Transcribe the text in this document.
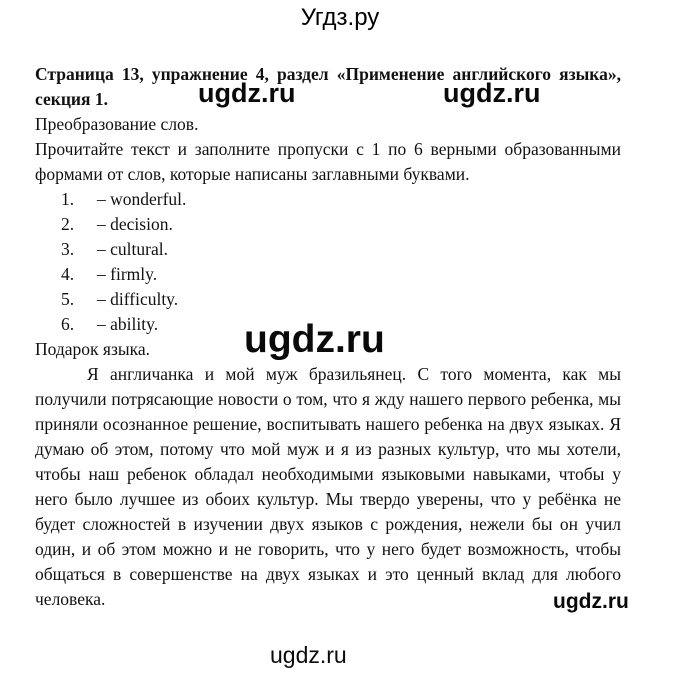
Угдз.ру

Страница 13, упражнение 4, раздел «Применение английского языка», секция 1.

Преобразование слов.

Прочитайте текст и заполните пропуски с 1 по 6 верными образованными формами от слов, которые написаны заглавными буквами.

1. – wonderful.
2. – decision.
3. – cultural.
4. – firmly.
5. – difficulty.
6. – ability.

Подарок языка.

Я англичанка и мой муж бразильянец. С того момента, как мы получили потрясающие новости о том, что я жду нашего первого ребенка, мы приняли осознанное решение, воспитывать нашего ребенка на двух языках. Я думаю об этом, потому что мой муж и я из разных культур, что мы хотели, чтобы наш ребенок обладал необходимыми языковыми навыками, чтобы у него было лучшее из обоих культур. Мы твердо уверены, что у ребёнка не будет сложностей в изучении двух языков с рождения, нежели бы он учил один, и об этом можно и не говорить, что у него будет возможность, чтобы общаться в совершенстве на двух языках и это ценный вклад для любого человека.

ugdz.ru	ugdz.ru
ugdz.ru
ugdz.ru
ugdz.ru
